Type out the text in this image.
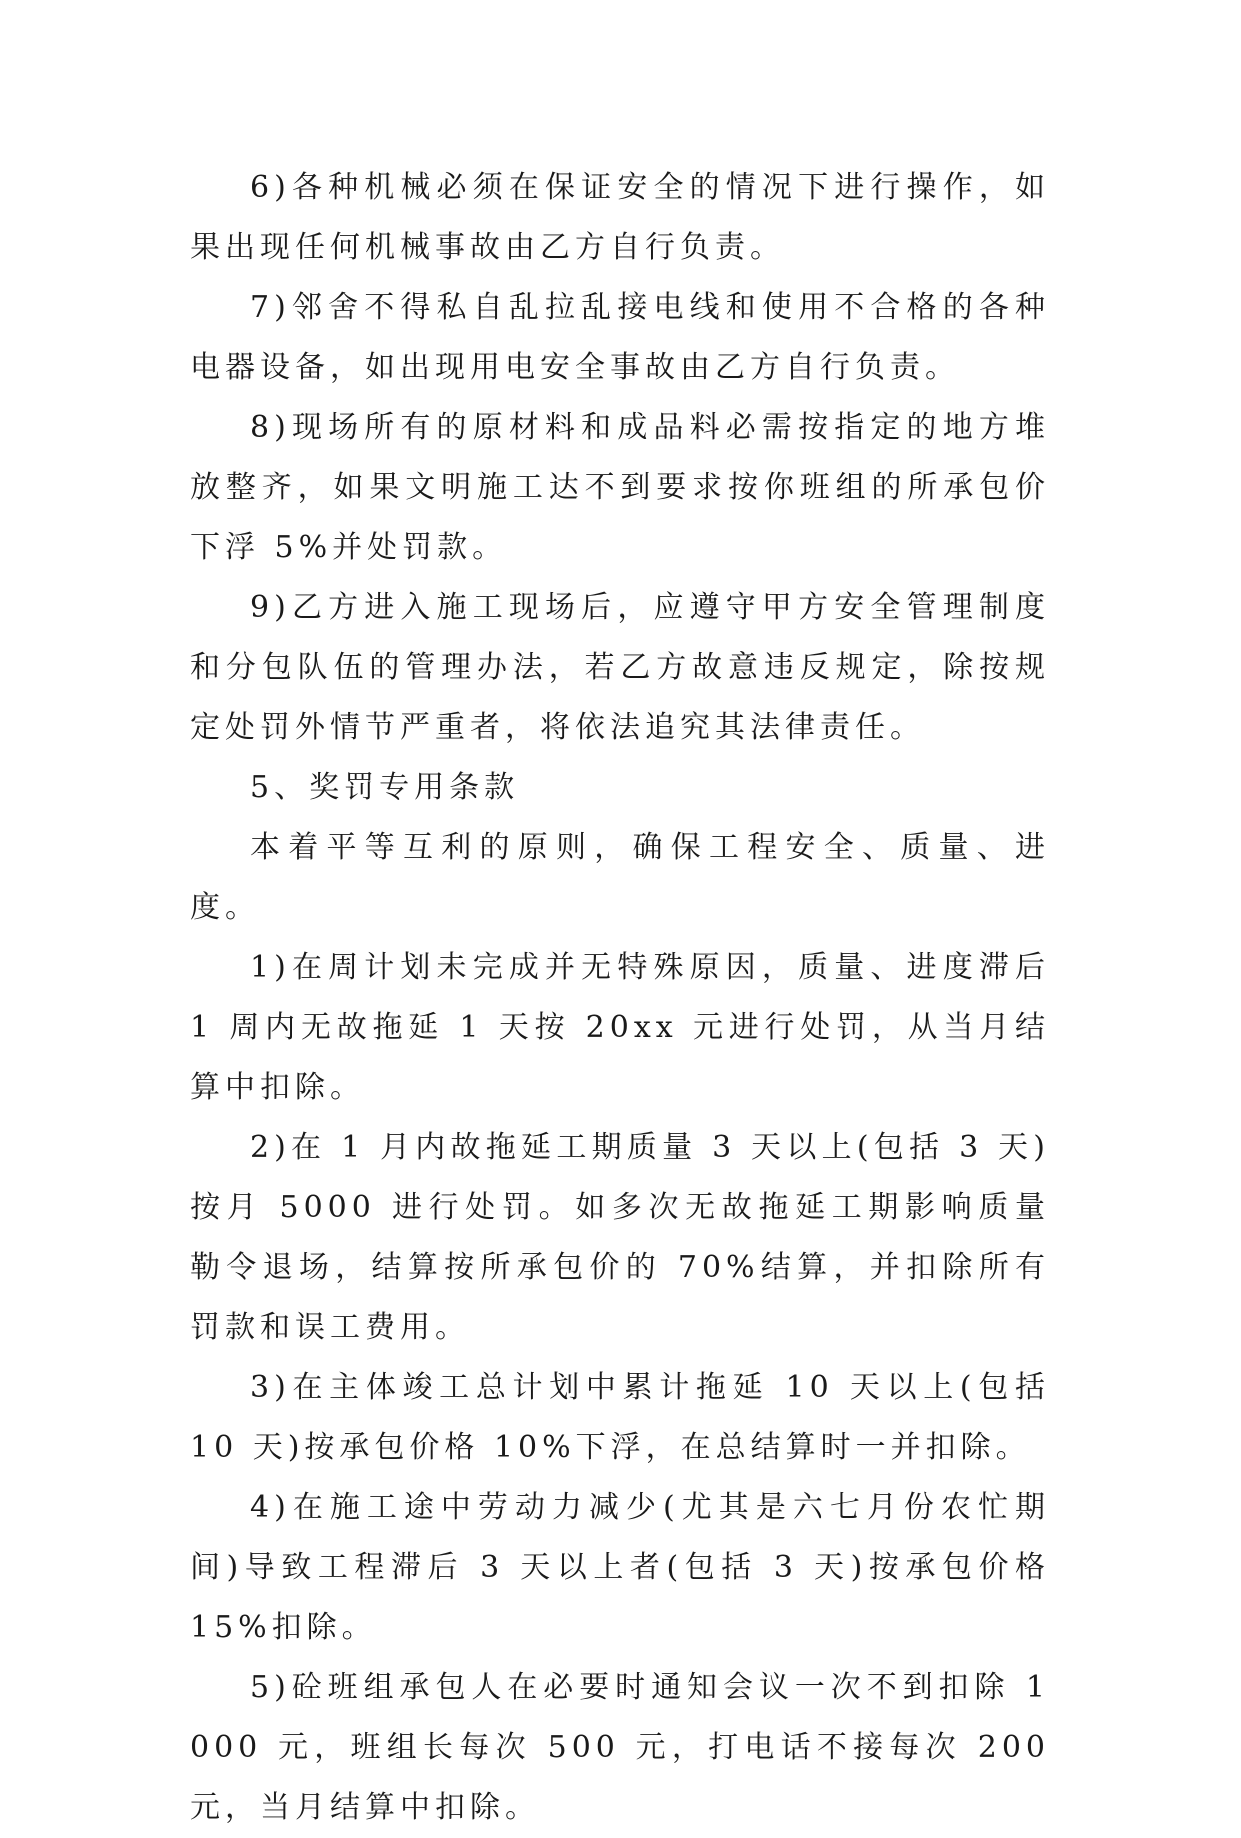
6)各种机械必须在保证安全的情况下进行操作，如果出现任何机械事故由乙方自行负责。

7)邻舍不得私自乱拉乱接电线和使用不合格的各种电器设备，如出现用电安全事故由乙方自行负责。

8)现场所有的原材料和成品料必需按指定的地方堆放整齐，如果文明施工达不到要求按你班组的所承包价下浮 5%并处罚款。

9)乙方进入施工现场后，应遵守甲方安全管理制度和分包队伍的管理办法，若乙方故意违反规定，除按规定处罚外情节严重者，将依法追究其法律责任。

5、奖罚专用条款

本着平等互利的原则，确保工程安全、质量、进度。

1)在周计划未完成并无特殊原因，质量、进度滞后 1 周内无故拖延 1 天按 20xx 元进行处罚，从当月结算中扣除。

2)在 1 月内故拖延工期质量 3 天以上(包括 3 天)按月 5000 进行处罚。如多次无故拖延工期影响质量勒令退场，结算按所承包价的 70%结算，并扣除所有罚款和误工费用。

3)在主体竣工总计划中累计拖延 10 天以上(包括 10 天)按承包价格 10%下浮，在总结算时一并扣除。

4)在施工途中劳动力减少(尤其是六七月份农忙期间)导致工程滞后 3 天以上者(包括 3 天)按承包价格 15%扣除。

5)砼班组承包人在必要时通知会议一次不到扣除 1000 元，班组长每次 500 元，打电话不接每次 200 元，当月结算中扣除。
